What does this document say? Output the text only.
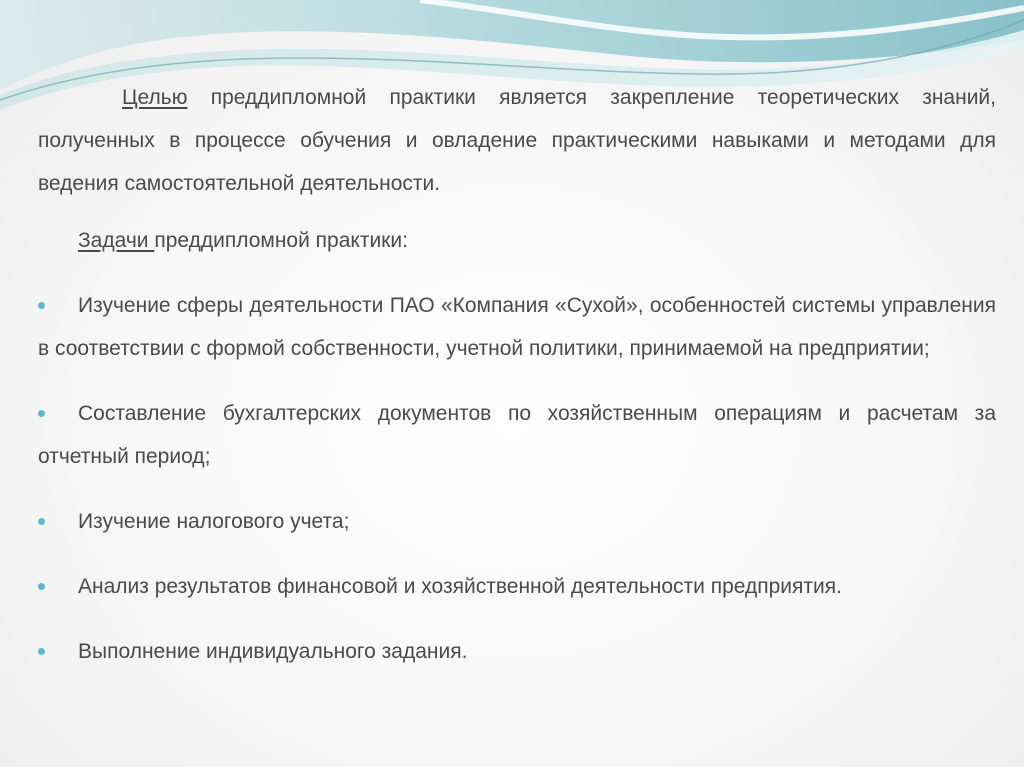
Целью преддипломной практики является закрепление теоретических знаний, полученных в процессе обучения и овладение практическими навыками и методами для ведения самостоятельной деятельности.

Задачи преддипломной практики:

Изучение сферы деятельности ПАО «Компания «Сухой», особенностей системы управления в соответствии с формой собственности, учетной политики, принимаемой на предприятии;

Составление бухгалтерских документов по хозяйственным операциям и расчетам за отчетный период;

Изучение налогового учета;

Анализ результатов финансовой и хозяйственной деятельности предприятия.

Выполнение индивидуального задания.
